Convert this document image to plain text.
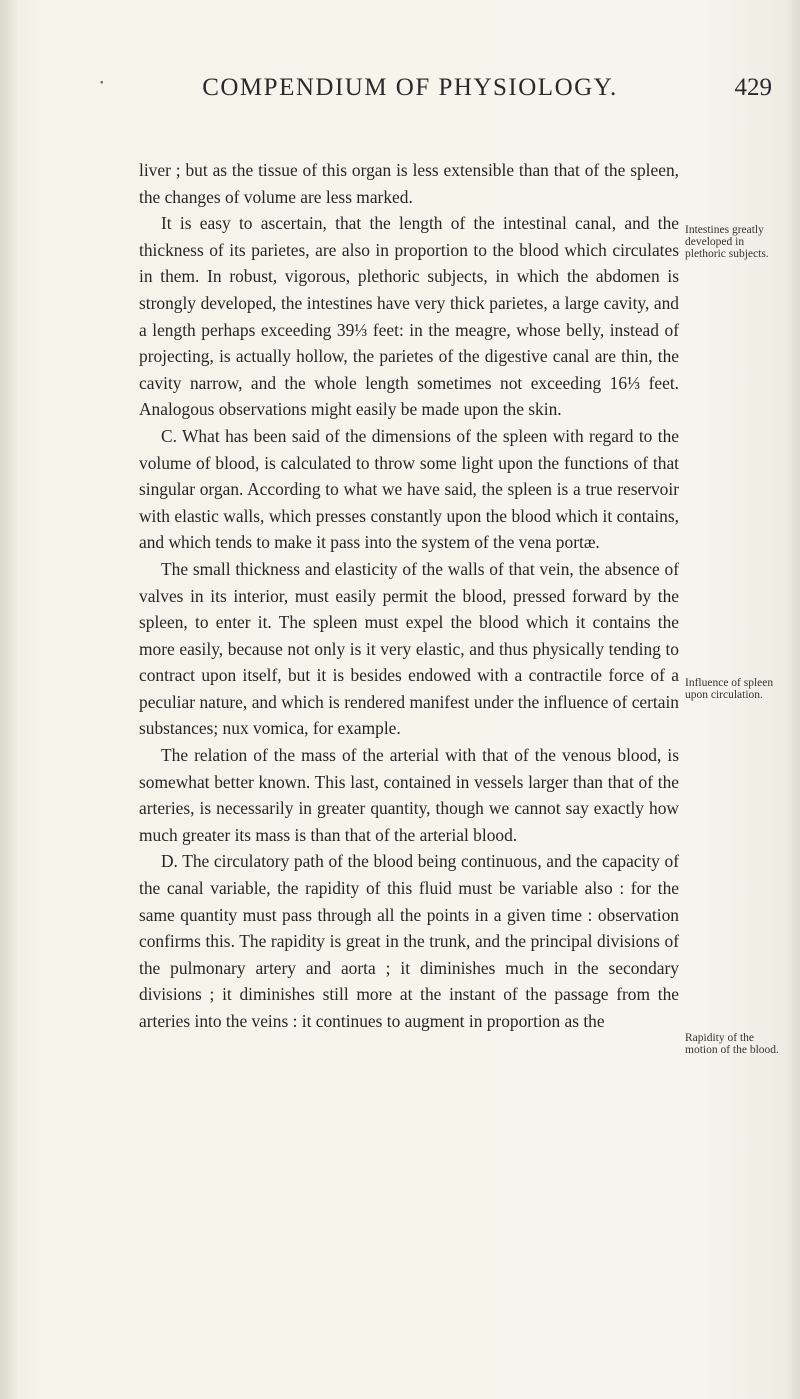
•	COMPENDIUM OF PHYSIOLOGY.	429

liver ; but as the tissue of this organ is less extensible than that of the spleen, the changes of volume are less marked.

It is easy to ascertain, that the length of the intestinal canal, and the thickness of its parietes, are also in proportion to the blood which circulates in them. In robust, vigorous, plethoric subjects, in which the abdomen is strongly developed, the intestines have very thick parietes, a large cavity, and a length perhaps exceeding 39⅓ feet: in the meagre, whose belly, instead of projecting, is actually hollow, the parietes of the digestive canal are thin, the cavity narrow, and the whole length sometimes not exceeding 16⅓ feet. Analogous observations might easily be made upon the skin.

C. What has been said of the dimensions of the spleen with regard to the volume of blood, is calculated to throw some light upon the functions of that singular organ. According to what we have said, the spleen is a true reservoir with elastic walls, which presses constantly upon the blood which it contains, and which tends to make it pass into the system of the vena portæ.

The small thickness and elasticity of the walls of that vein, the absence of valves in its interior, must easily permit the blood, pressed forward by the spleen, to enter it. The spleen must expel the blood which it contains the more easily, because not only is it very elastic, and thus physically tending to contract upon itself, but it is besides endowed with a contractile force of a peculiar nature, and which is rendered manifest under the influence of certain substances; nux vomica, for example.

The relation of the mass of the arterial with that of the venous blood, is somewhat better known. This last, contained in vessels larger than that of the arteries, is necessarily in greater quantity, though we cannot say exactly how much greater its mass is than that of the arterial blood.

D. The circulatory path of the blood being continuous, and the capacity of the canal variable, the rapidity of this fluid must be variable also : for the same quantity must pass through all the points in a given time : observation confirms this. The rapidity is great in the trunk, and the principal divisions of the pulmonary artery and aorta ; it diminishes much in the secondary divisions ; it diminishes still more at the instant of the passage from the arteries into the veins : it continues to augment in proportion as the

Intestines greatly developed in plethoric subjects.
Influence of spleen upon circulation.
Rapidity of the motion of the blood.
